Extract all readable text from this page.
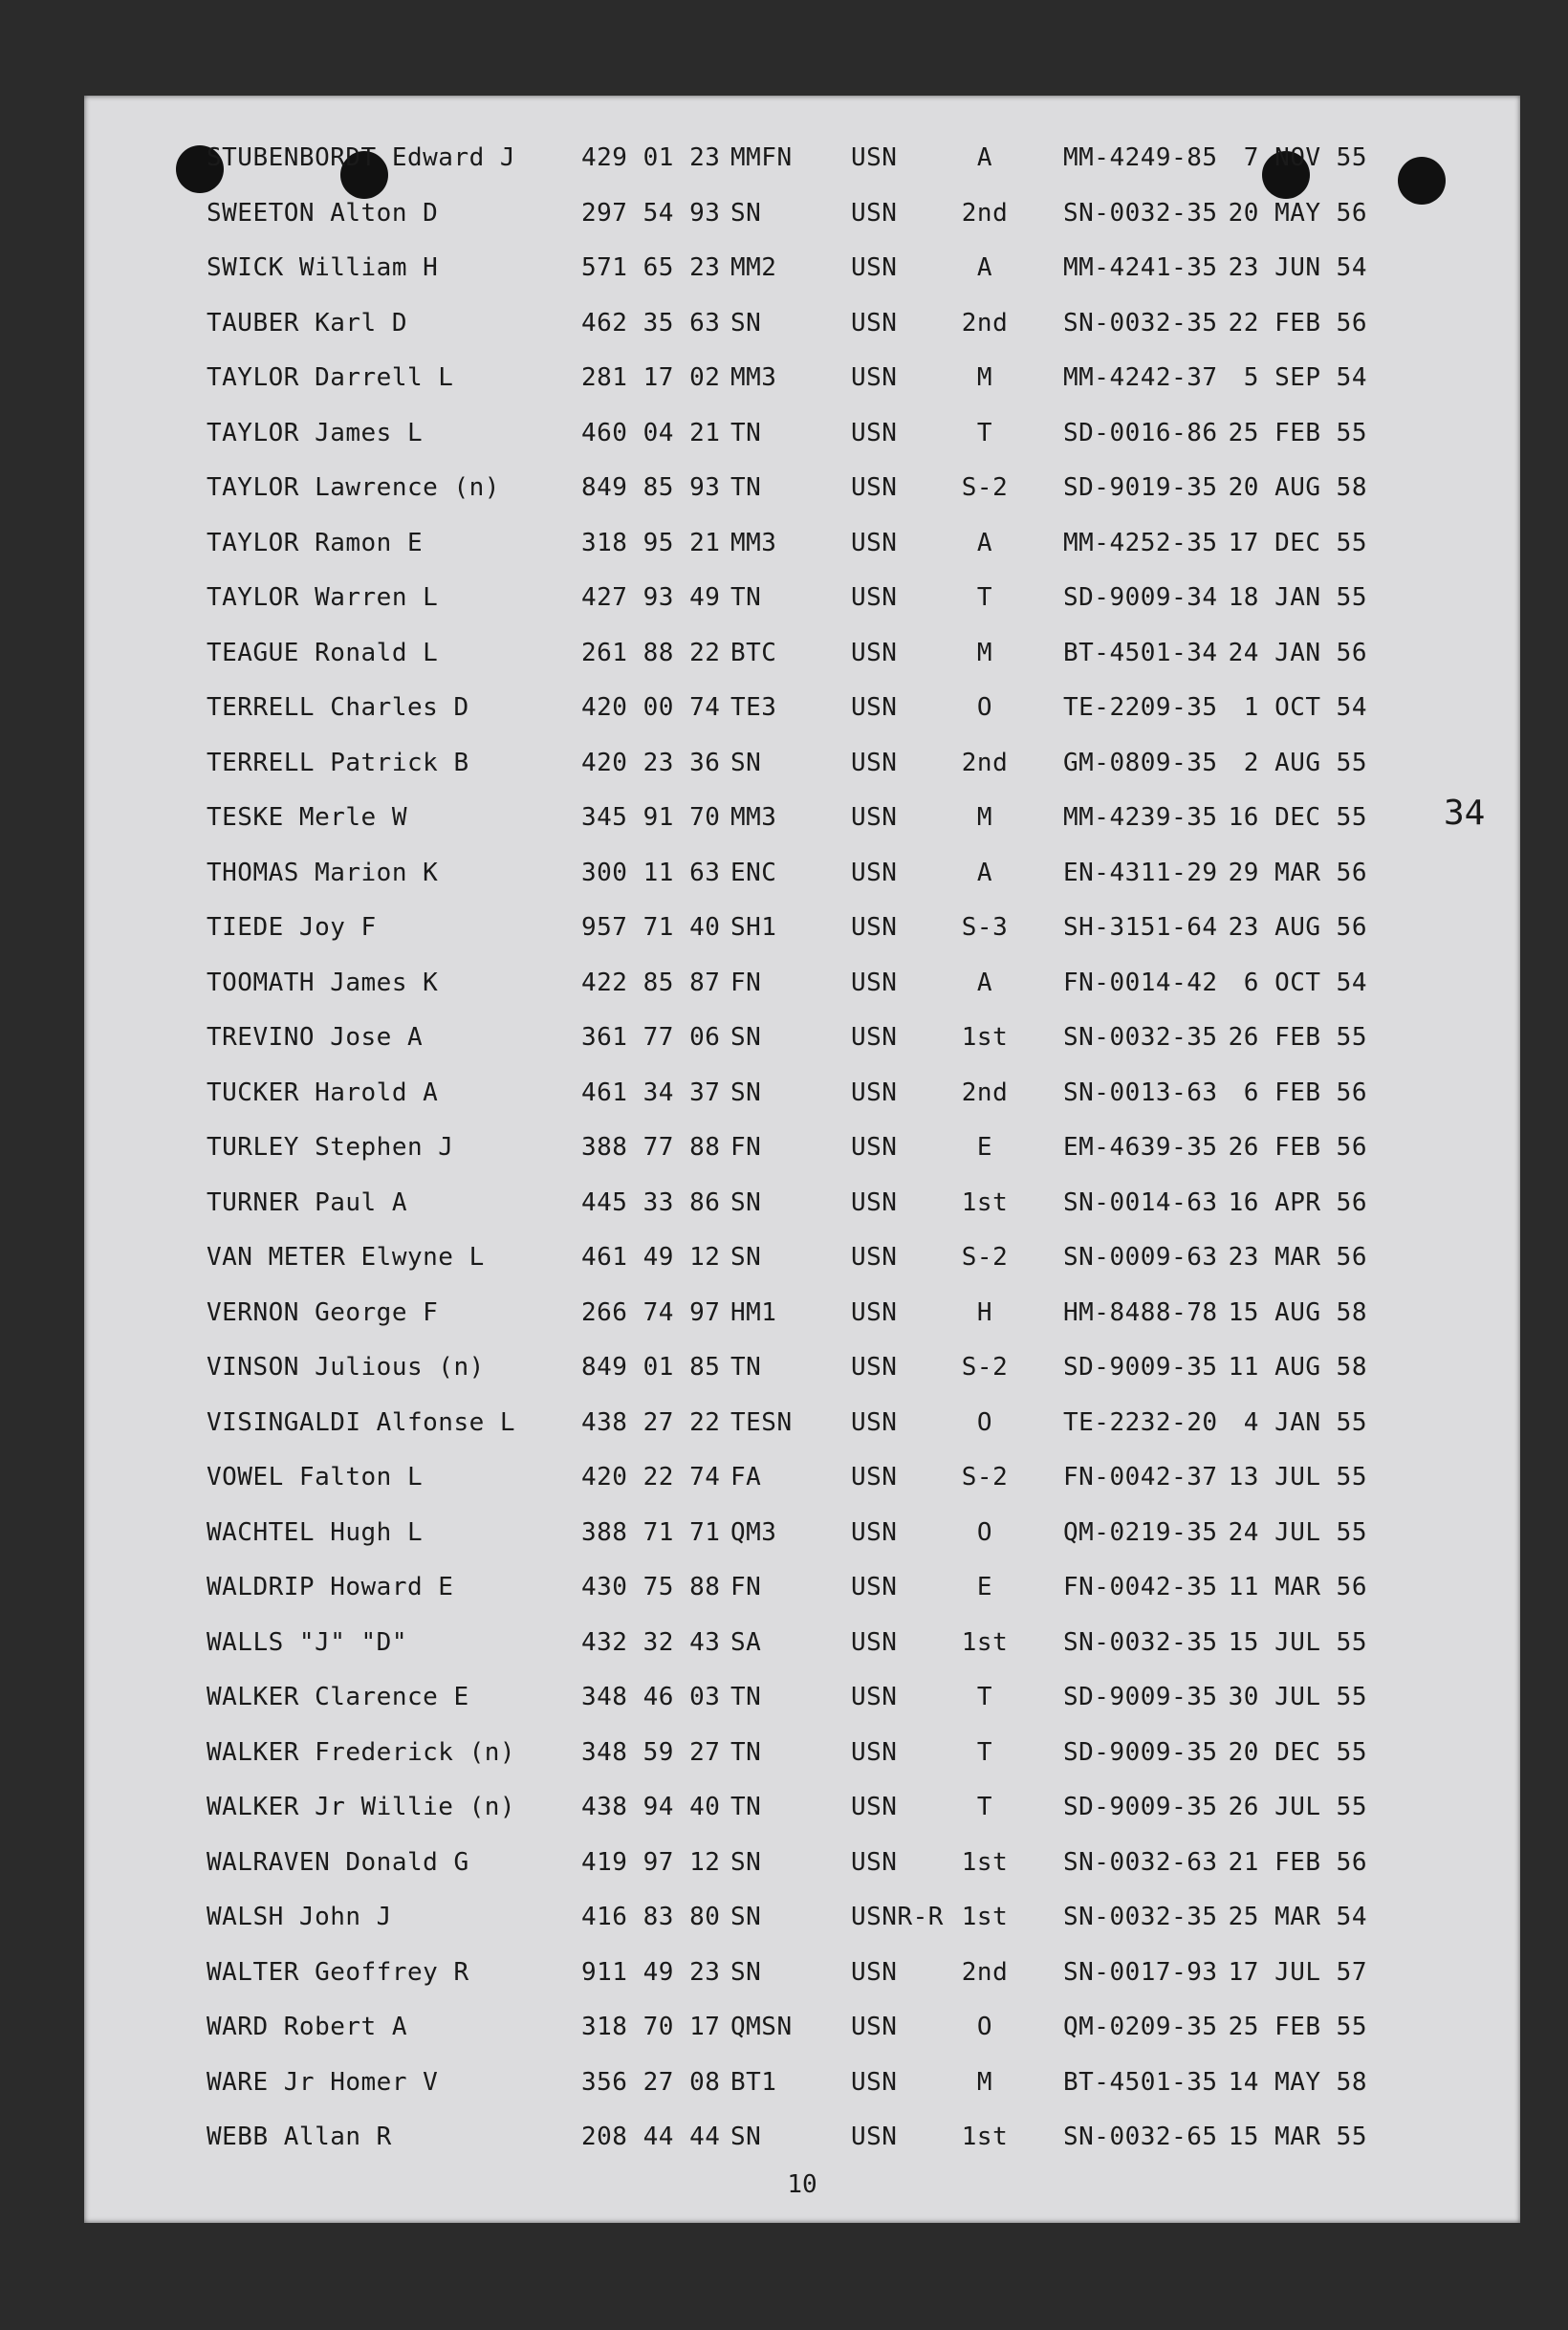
STUBENBORDT Edward J	429 01 23 MMFN USN	A	MM-4249-85	7 NOV 55
SWEETON Alton D	297 54 93 SN	USN	2nd SN-0032-35 20 MAY 56
SWICK William H	571 65 23 MM2	USN	A	MM-4241-35 23 JUN 54
TAUBER Karl D	462 35 63 SN	USN	2nd SN-0032-35 22 FEB 56
TAYLOR Darrell L	281 17 02 MM3	USN	M	MM-4242-37	5 SEP 54
TAYLOR James L	460 04 21 TN	USN	T	SD-0016-86 25 FEB 55
TAYLOR Lawrence (n)	849 85 93 TN	USN	S-2 SD-9019-35 20 AUG 58
TAYLOR Ramon E	318 95 21 MM3	USN	A	MM-4252-35 17 DEC 55
TAYLOR Warren L	427 93 49 TN	USN	T	SD-9009-34 18 JAN 55
TEAGUE Ronald L	261 88 22 BTC	USN	M	BT-4501-34 24 JAN 56
TERRELL Charles D	420 00 74 TE3	USN	O	TE-2209-35	1 OCT 54
TERRELL Patrick B	420 23 36 SN	USN	2nd GM-0809-35	2 AUG 55
TESKE Merle W	345 91 70 MM3	USN	M	MM-4239-35 16 DEC 55
THOMAS Marion K	300 11 63 ENC	USN	A	EN-4311-29 29 MAR 56
TIEDE Joy F	957 71 40 SH1	USN	S-3 SH-3151-64 23 AUG 56
TOOMATH James K	422 85 87 FN	USN	A	FN-0014-42	6 OCT 54
TREVINO Jose A	361 77 06 SN	USN	1st SN-0032-35 26 FEB 55
TUCKER Harold A	461 34 37 SN	USN	2nd SN-0013-63	6 FEB 56
TURLEY Stephen J	388 77 88 FN	USN	E	EM-4639-35 26 FEB 56
TURNER Paul A	445 33 86 SN	USN	1st SN-0014-63 16 APR 56
VAN METER Elwyne L	461 49 12 SN	USN	S-2 SN-0009-63 23 MAR 56
VERNON George F	266 74 97 HM1	USN	H	HM-8488-78 15 AUG 58
VINSON Julious (n)	849 01 85 TN	USN	S-2 SD-9009-35 11 AUG 58
VISINGALDI Alfonse L	438 27 22 TESN USN	O	TE-2232-20	4 JAN 55
VOWEL Falton L	420 22 74 FA	USN	S-2 FN-0042-37 13 JUL 55
WACHTEL Hugh L	388 71 71 QM3	USN	O	QM-0219-35 24 JUL 55
WALDRIP Howard E	430 75 88 FN	USN	E	FN-0042-35 11 MAR 56
WALLS "J" "D"	432 32 43 SA	USN	1st SN-0032-35 15 JUL 55
WALKER Clarence E	348 46 03 TN	USN	T	SD-9009-35 30 JUL 55
WALKER Frederick (n)	348 59 27 TN	USN	T	SD-9009-35 20 DEC 55
WALKER Jr Willie (n)	438 94 40 TN	USN	T	SD-9009-35 26 JUL 55
WALRAVEN Donald G	419 97 12 SN	USN	1st SN-0032-63 21 FEB 56
WALSH John J	416 83 80 SN	USNR-R 1st SN-0032-35 25 MAR 54
WALTER Geoffrey R	911 49 23 SN	USN	2nd SN-0017-93 17 JUL 57
WARD Robert A	318 70 17 QMSN USN	O	QM-0209-35 25 FEB 55
WARE Jr Homer V	356 27 08 BT1	USN	M	BT-4501-35 14 MAY 58
WEBB Allan R	208 44 44 SN	USN	1st SN-0032-65 15 MAR 55
34
10
